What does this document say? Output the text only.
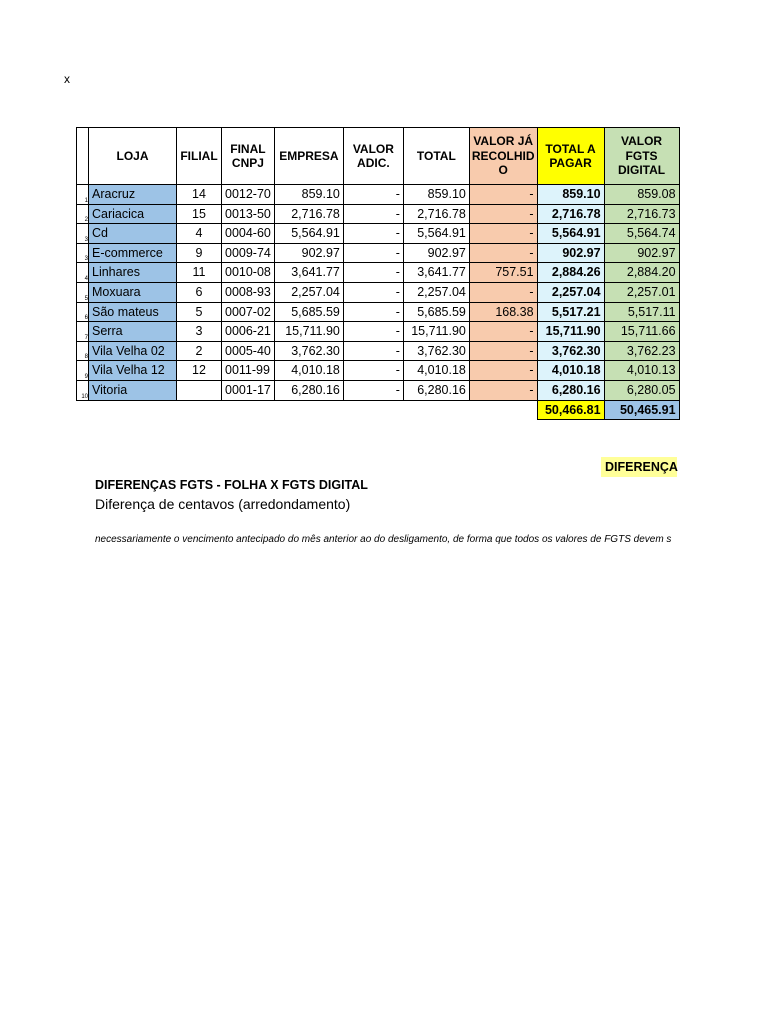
x
	LOJA	FILIAL	FINAL CNPJ	EMPRESA	VALOR ADIC.	TOTAL	VALOR JÁ RECOLHID O	TOTAL A PAGAR	VALOR FGTS DIGITAL
1	Aracruz	14	0012-70	859.10	-	859.10	-	859.10	859.08
2	Cariacica	15	0013-50	2,716.78	-	2,716.78	-	2,716.78	2,716.73
3	Cd	4	0004-60	5,564.91	-	5,564.91	-	5,564.91	5,564.74
3	E-commerce	9	0009-74	902.97	-	902.97	-	902.97	902.97
4	Linhares	11	0010-08	3,641.77	-	3,641.77	757.51	2,884.26	2,884.20
5	Moxuara	6	0008-93	2,257.04	-	2,257.04	-	2,257.04	2,257.01
6	São mateus	5	0007-02	5,685.59	-	5,685.59	168.38	5,517.21	5,517.11
7	Serra	3	0006-21	15,711.90	-	15,711.90	-	15,711.90	15,711.66
8	Vila Velha 02	2	0005-40	3,762.30	-	3,762.30	-	3,762.30	3,762.23
9	Vila Velha 12	12	0011-99	4,010.18	-	4,010.18	-	4,010.18	4,010.13
10	Vitoria		0001-17	6,280.16	-	6,280.16	-	6,280.16	6,280.05
								50,466.81	50,465.91
DIFERENÇA
DIFERENÇAS FGTS - FOLHA X FGTS DIGITAL
Diferença de centavos (arredondamento)

necessariamente o vencimento antecipado do mês anterior ao do desligamento, de forma que todos os valores de FGTS devem s
